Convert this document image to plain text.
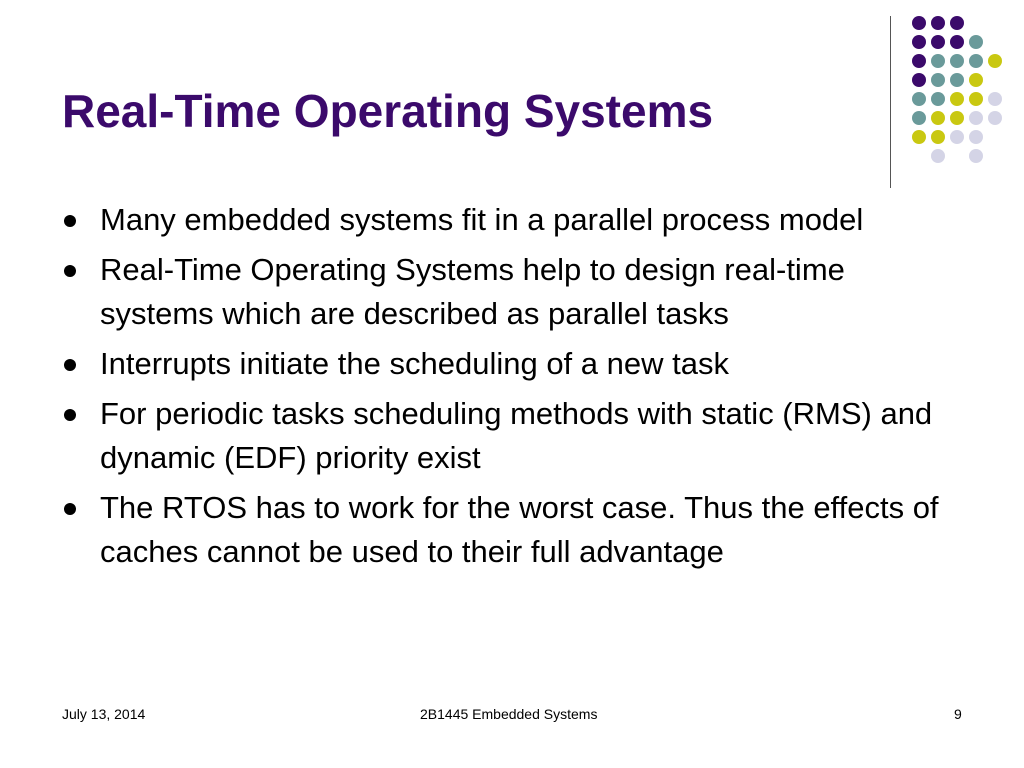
Real-Time Operating Systems
Many embedded systems fit in a parallel process model
Real-Time Operating Systems help to design real-time systems which are described as parallel tasks
Interrupts initiate the scheduling of a new task
For periodic tasks scheduling methods with static (RMS) and dynamic (EDF) priority exist
The RTOS has to work for the worst case. Thus the effects of caches cannot be used to their full advantage
July 13, 2014	2B1445 Embedded Systems	9
